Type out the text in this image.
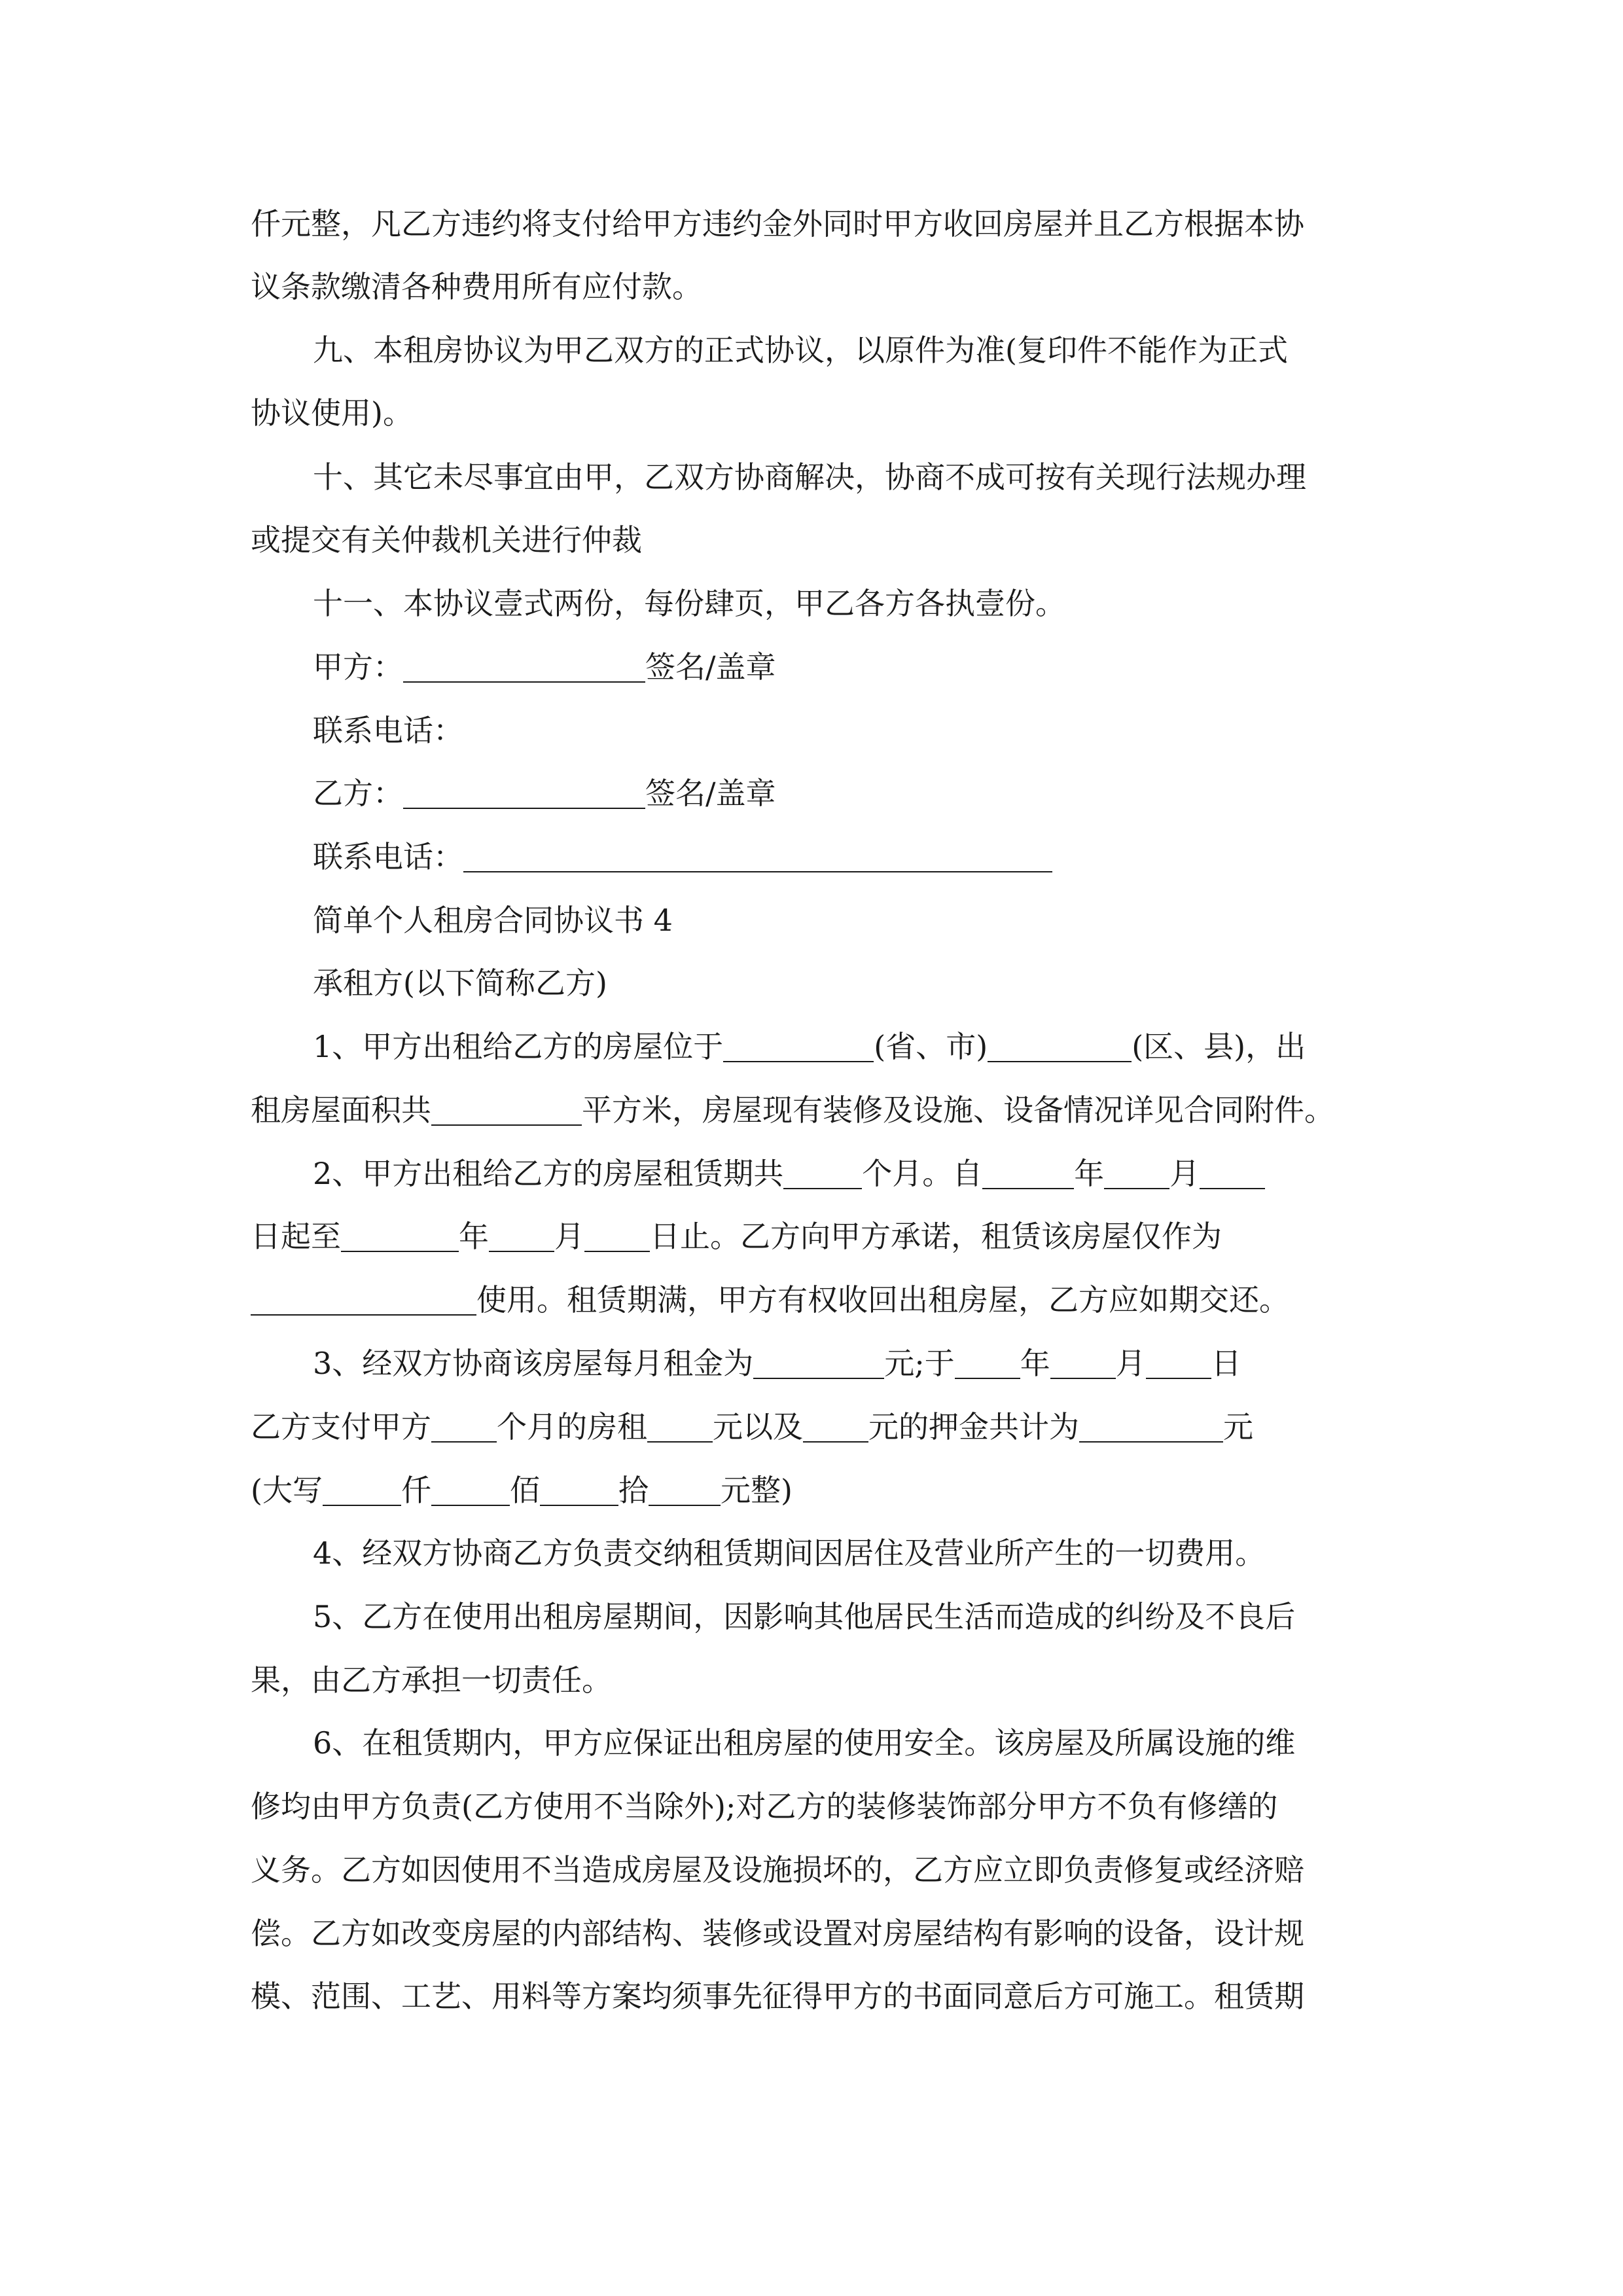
仟元整，凡乙方违约将支付给甲方违约金外同时甲方收回房屋并且乙方根据本协

议条款缴清各种费用所有应付款。

九、本租房协议为甲乙双方的正式协议，以原件为准(复印件不能作为正式

协议使用)。

十、其它未尽事宜由甲，乙双方协商解决，协商不成可按有关现行法规办理

或提交有关仲裁机关进行仲裁

十一、本协议壹式两份，每份肆页，甲乙各方各执壹份。

甲方：	签名/盖章

联系电话：

乙方：	签名/盖章

联系电话：

简单个人租房合同协议书 4

承租方(以下简称乙方)

1、甲方出租给乙方的房屋位于	(省、市)	(区、县)，出

租房屋面积共	平方米，房屋现有装修及设施、设备情况详见合同附件。

2、甲方出租给乙方的房屋租赁期共	个月。自	年 月

日起至	年 月 日止。乙方向甲方承诺，租赁该房屋仅作为

使用。租赁期满，甲方有权收回出租房屋，乙方应如期交还。

3、经双方协商该房屋每月租金为	元;于 年 月 日

乙方支付甲方 个月的房租 元以及 元的押金共计为	元

(大写	仟	佰	拾 元整)

4、经双方协商乙方负责交纳租赁期间因居住及营业所产生的一切费用。

5、乙方在使用出租房屋期间，因影响其他居民生活而造成的纠纷及不良后

果，由乙方承担一切责任。

6、在租赁期内，甲方应保证出租房屋的使用安全。该房屋及所属设施的维

修均由甲方负责(乙方使用不当除外);对乙方的装修装饰部分甲方不负有修缮的

义务。乙方如因使用不当造成房屋及设施损坏的，乙方应立即负责修复或经济赔

偿。乙方如改变房屋的内部结构、装修或设置对房屋结构有影响的设备，设计规

模、范围、工艺、用料等方案均须事先征得甲方的书面同意后方可施工。租赁期
